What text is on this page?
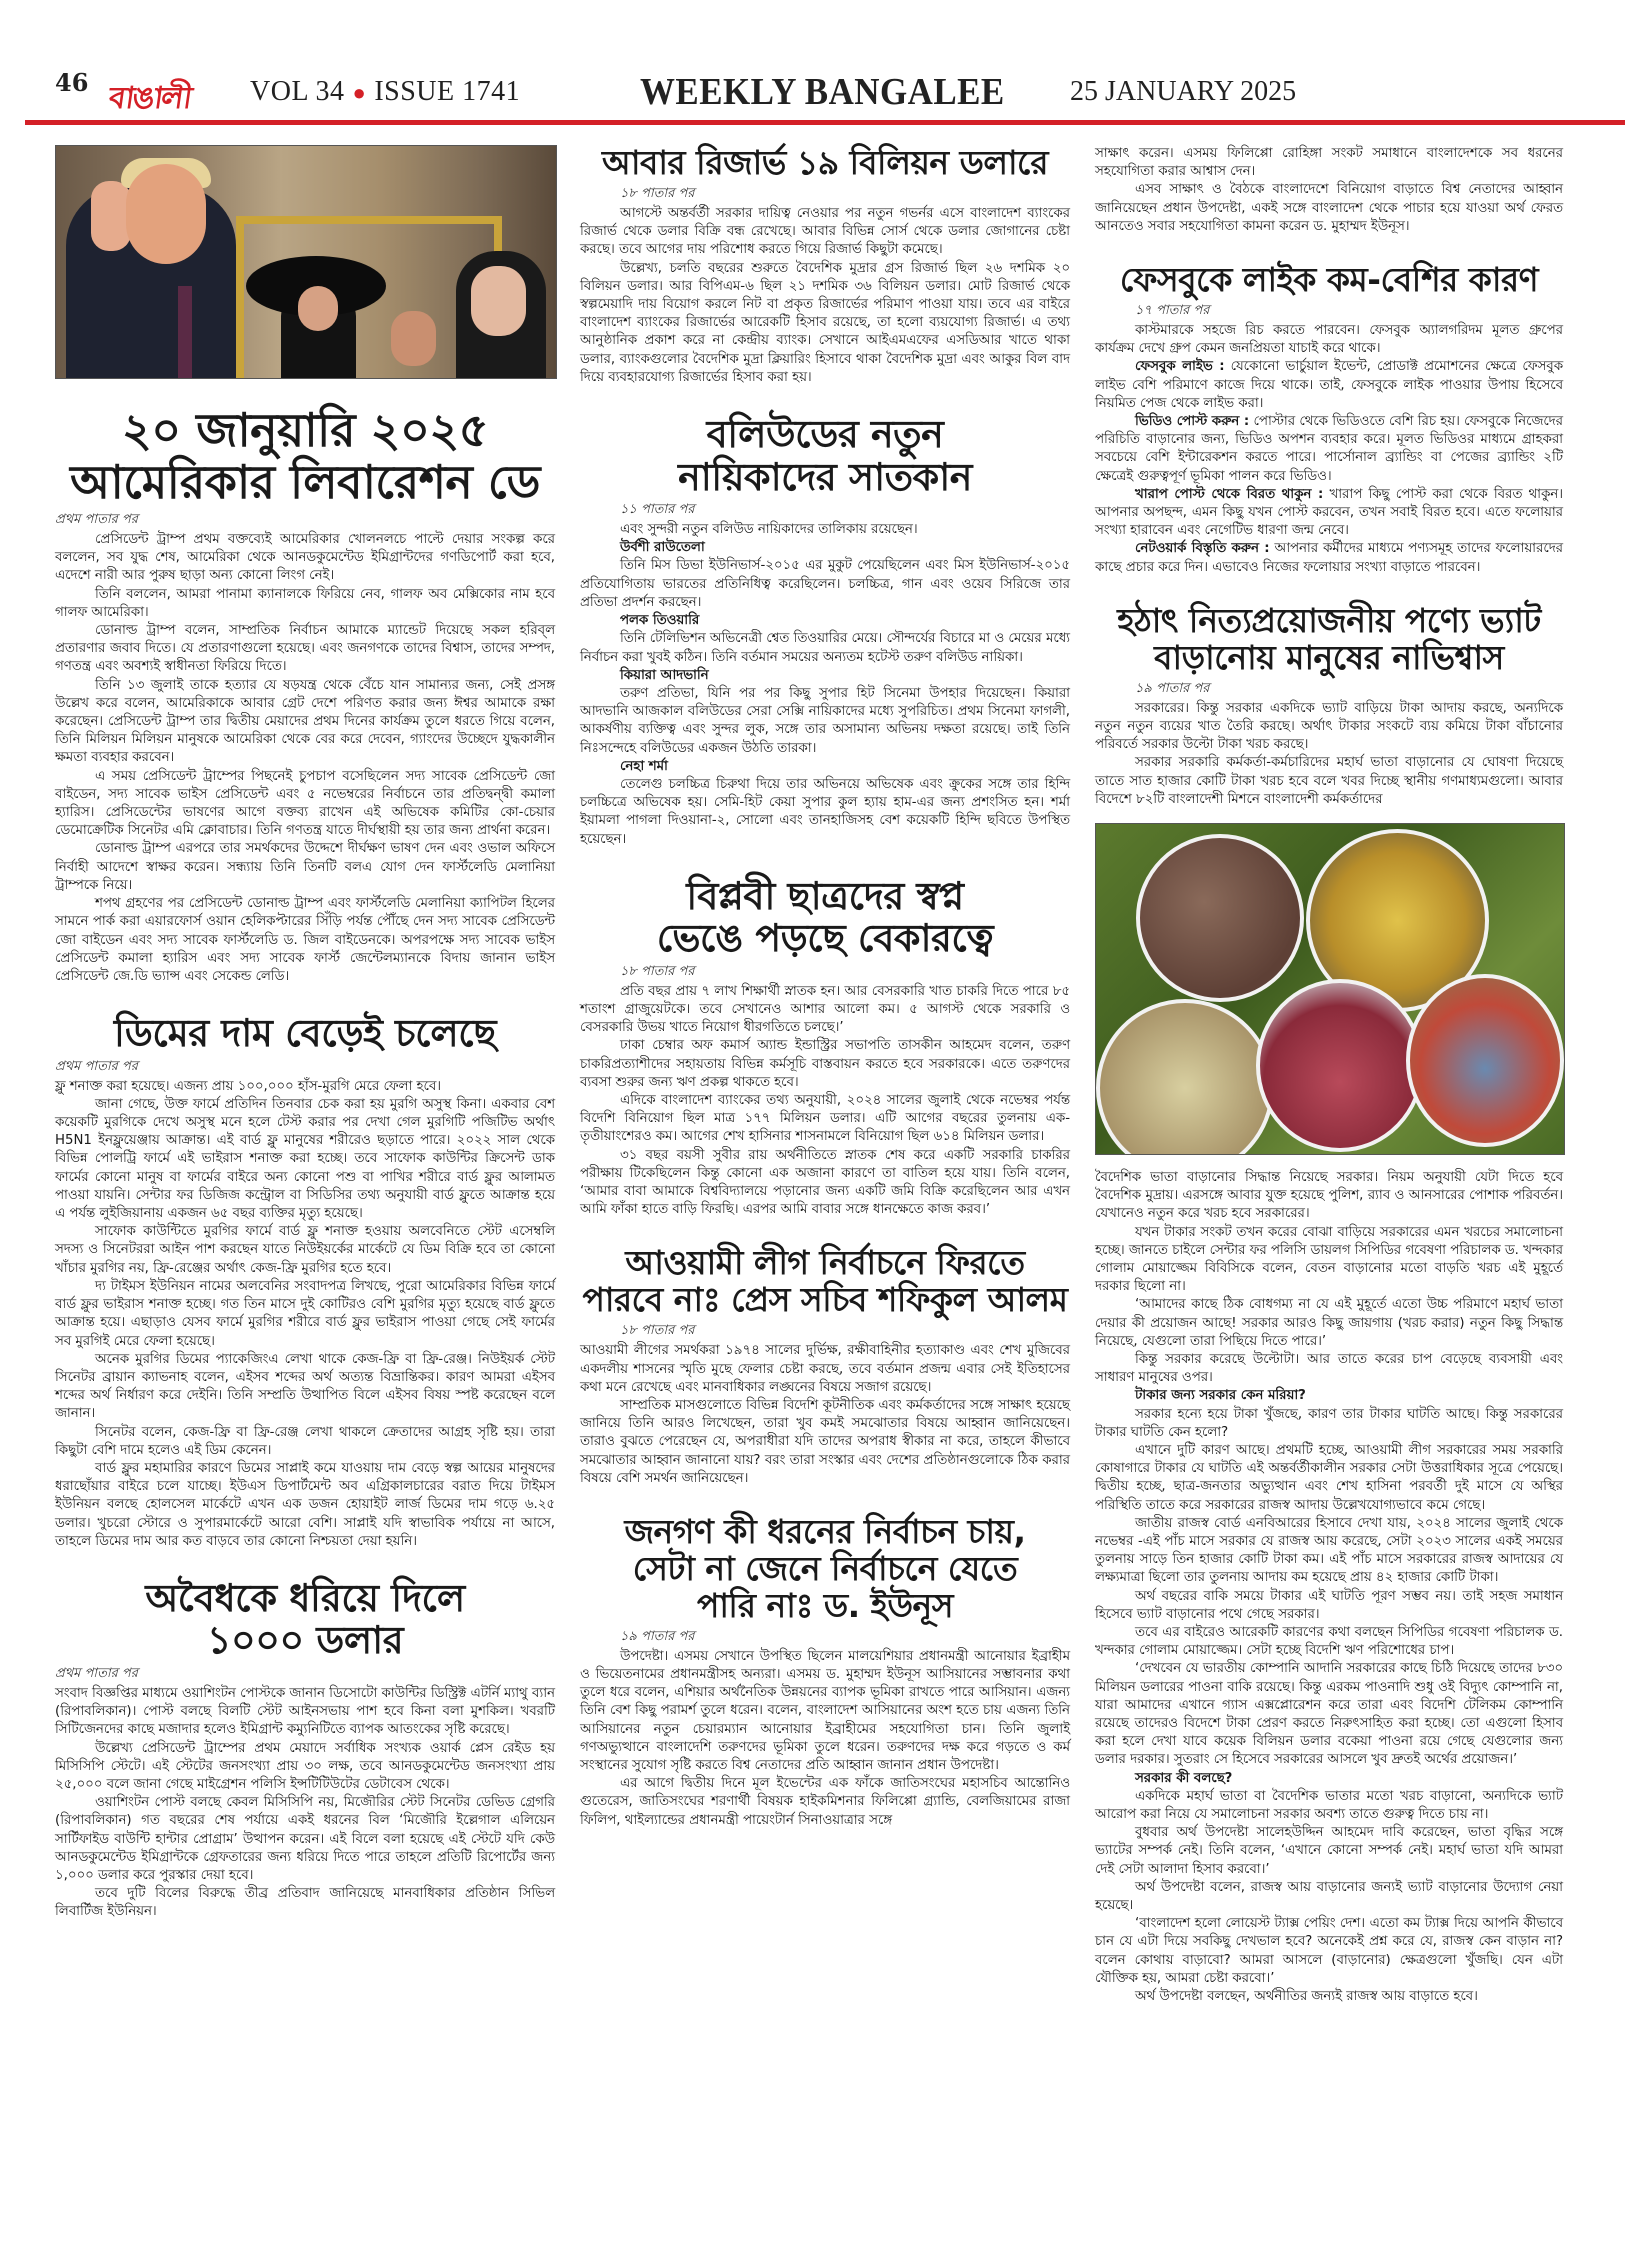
46 বাঙালী VOL 34 ● ISSUE 1741	WEEKLY BANGALEE 25 JANUARY 2025
২০ জানুয়ারি ২০২৫
আমেরিকার লিবারেশন ডে
প্রথম পাতার পর

প্রেসিডেন্ট ট্রাম্প প্রথম বক্তব্যেই আমেরিকার খোলনলচে পাল্টে দেয়ার সংকল্প করে বললেন, সব যুদ্ধ শেষ, আমেরিকা থেকে আনডকুমেন্টেড ইমিগ্রান্টদের গণডিপোর্ট করা হবে, এদেশে নারী আর পুরুষ ছাড়া অন্য কোনো লিংগ নেই।

তিনি বললেন, আমরা পানামা ক্যানালকে ফিরিয়ে নেব, গালফ অব মেক্সিকোর নাম হবে গালফ আমেরিকা।

ডোনাল্ড ট্রাম্প বলেন, সাম্প্রতিক নির্বাচন আমাকে ম্যান্ডেট দিয়েছে সকল হরিব্‌ল প্রতারণার জবাব দিতে। যে প্রতারণাগুলো হয়েছে। এবং জনগণকে তাদের বিশ্বাস, তাদের সম্পদ, গণতন্ত্র এবং অবশ্যই স্বাধীনতা ফিরিয়ে দিতে।

তিনি ১৩ জুলাই তাকে হত্যার যে ষড়যন্ত্র থেকে বেঁচে যান সামান্যর জন্য, সেই প্রসঙ্গ উল্লেখ করে বলেন, আমেরিকাকে আবার গ্রেট দেশে পরিণত করার জন্য ঈশ্বর আমাকে রক্ষা করেছেন। প্রেসিডেন্ট ট্রাম্প তার দ্বিতীয় মেয়াদের প্রথম দিনের কার্যক্রম তুলে ধরতে গিয়ে বলেন, তিনি মিলিয়ন মিলিয়ন মানুষকে আমেরিকা থেকে বের করে দেবেন, গ্যাংদের উচ্ছেদে যুদ্ধকালীন ক্ষমতা ব্যবহার করবেন।

এ সময় প্রেসিডেন্ট ট্রাম্পের পিছনেই চুপচাপ বসেছিলেন সদ্য সাবেক প্রেসিডেন্ট জো বাইডেন, সদ্য সাবেক ভাইস প্রেসিডেন্ট এবং ৫ নভেম্বরের নির্বাচনে তার প্রতিদ্বন্দ্বী কমালা হ্যারিস। প্রেসিডেন্টের ভাষণের আগে বক্তব্য রাখেন এই অভিষেক কমিটির কো-চেয়ার ডেমোক্রেটিক সিনেটর এমি ক্লোবাচার। তিনি গণতন্ত্র যাতে দীর্ঘস্থায়ী হয় তার জন্য প্রার্থনা করেন।

ডোনাল্ড ট্রাম্প এরপরে তার সমর্থকদের উদ্দেশে দীর্ঘক্ষণ ভাষণ দেন এবং ওভাল অফিসে নির্বাহী আদেশে স্বাক্ষর করেন। সন্ধ্যায় তিনি তিনটি বলএ যোগ দেন ফার্স্টলেডি মেলানিয়া ট্রাম্পকে নিয়ে।

শপথ গ্রহণের পর প্রেসিডেন্ট ডোনাল্ড ট্রাম্প এবং ফার্স্টলেডি মেলানিয়া ক্যাপিটল হিলের সামনে পার্ক করা এয়ারফোর্স ওয়ান হেলিকপ্টারের সিঁড়ি পর্যন্ত পৌঁছে দেন সদ্য সাবেক প্রেসিডেন্ট জো বাইডেন এবং সদ্য সাবেক ফার্স্টলেডি ড. জিল বাইডেনকে। অপরপক্ষে সদ্য সাবেক ভাইস প্রেসিডেন্ট কমালা হ্যারিস এবং সদ্য সাবেক ফার্স্ট জেন্টেলম্যানকে বিদায় জানান ভাইস প্রেসিডেন্ট জে.ডি ভ্যান্স এবং সেকেন্ড লেডি।

ডিমের দাম বেড়েই চলেছে
প্রথম পাতার পর

ফ্লু শনাক্ত করা হয়েছে। এজন্য প্রায় ১০০,০০০ হাঁস-মুরগি মেরে ফেলা হবে।

জানা গেছে, উক্ত ফার্মে প্রতিদিন তিনবার চেক করা হয় মুরগি অসুস্থ কিনা। একবার বেশ কয়েকটি মুরগিকে দেখে অসুস্থ মনে হলে টেস্ট করার পর দেখা গেল মুরগিটি পজিটিভ অর্থাৎ H5N1 ইনফ্লুয়েঞ্জায় আক্রান্ত। এই বার্ড ফ্লু মানুষের শরীরেও ছড়াতে পারে। ২০২২ সাল থেকে বিভিন্ন পোলট্রি ফার্মে এই ভাইরাস শনাক্ত করা হচ্ছে। তবে সাফোক কাউন্টির ক্রিসেন্ট ডাক ফার্মের কোনো মানুষ বা ফার্মের বাইরে অন্য কোনো পশু বা পাখির শরীরে বার্ড ফ্লুর আলামত পাওয়া যায়নি। সেন্টার ফর ডিজিজ কন্ট্রোল বা সিডিসির তথ্য অনুযায়ী বার্ড ফ্লুতে আক্রান্ত হয়ে এ পর্যন্ত লুইজিয়ানায় একজন ৬৫ বছর ব্যক্তির মৃত্যু হয়েছে।

সাফোক কাউন্টিতে মুরগির ফার্মে বার্ড ফ্লু শনাক্ত হওয়ায় অলবেনিতে স্টেট এসেম্বলি সদস্য ও সিনেটররা আইন পাশ করছেন যাতে নিউইয়র্কের মার্কেটে যে ডিম বিক্রি হবে তা কোনো খাঁচার মুরগির নয়, ফ্রি-রেঞ্জের অর্থাৎ কেজ-ফ্রি মুরগির হতে হবে।

দ্য টাইমস ইউনিয়ন নামের অলবেনির সংবাদপত্র লিখছে, পুরো আমেরিকার বিভিন্ন ফার্মে বার্ড ফ্লুর ভাইরাস শনাক্ত হচ্ছে। গত তিন মাসে দুই কোটিরও বেশি মুরগির মৃত্যু হয়েছে বার্ড ফ্লুতে আক্রান্ত হয়ে। এছাড়াও যেসব ফার্মে মুরগির শরীরে বার্ড ফ্লুর ভাইরাস পাওয়া গেছে সেই ফার্মের সব মুরগিই মেরে ফেলা হয়েছে।

অনেক মুরগির ডিমের প্যাকেজিংএ লেখা থাকে কেজ-ফ্রি বা ফ্রি-রেঞ্জ। নিউইয়র্ক স্টেট সিনেটর ব্রায়ান ক্যাভনাহ বলেন, এইসব শব্দের অর্থ অত্যন্ত বিভ্রান্তিকর। কারণ আমরা এইসব শব্দের অর্থ নির্ধারণ করে দেইনি। তিনি সম্প্রতি উত্থাপিত বিলে এইসব বিষয় স্পষ্ট করেছেন বলে জানান।

সিনেটর বলেন, কেজ-ফ্রি বা ফ্রি-রেঞ্জ লেখা থাকলে ক্রেতাদের আগ্রহ সৃষ্টি হয়। তারা কিছুটা বেশি দামে হলেও এই ডিম কেনেন।

বার্ড ফ্লুর মহামারির কারণে ডিমের সাপ্লাই কমে যাওয়ায় দাম বেড়ে স্বল্প আয়ের মানুষদের ধরাছোঁয়ার বাইরে চলে যাচ্ছে। ইউএস ডিপার্টমেন্ট অব এগ্রিকালচারের বরাত দিয়ে টাইমস ইউনিয়ন বলছে হোলসেল মার্কেটে এখন এক ডজন হোয়াইট লার্জ ডিমের দাম গড়ে ৬.২৫ ডলার। খুচরো স্টোরে ও সুপারমার্কেটে আরো বেশি। সাপ্লাই যদি স্বাভাবিক পর্যায়ে না আসে, তাহলে ডিমের দাম আর কত বাড়বে তার কোনো নিশ্চয়তা দেয়া হয়নি।

অবৈধকে ধরিয়ে দিলে
১০০০ ডলার
প্রথম পাতার পর

সংবাদ বিজ্ঞপ্তির মাধ্যমে ওয়াশিংটন পোস্টকে জানান ডিসোটো কাউন্টির ডিস্ট্রিক্ট এটর্নি ম্যাথু ব্যান (রিপাবলিকান)। পোস্ট বলছে বিলটি স্টেট আইনসভায় পাশ হবে কিনা বলা মুশকিল। খবরটি সিটিজেনদের কাছে মজাদার হলেও ইমিগ্রান্ট কম্যুনিটিতে ব্যাপক আতংকের সৃষ্টি করেছে।

উল্লেখ্য প্রেসিডেন্ট ট্রাম্পের প্রথম মেয়াদে সর্বাধিক সংখ্যক ওয়ার্ক প্লেস রেইড হয় মিসিসিপি স্টেটে। এই স্টেটের জনসংখ্যা প্রায় ৩০ লক্ষ, তবে আনডকুমেন্টেড জনসংখ্যা প্রায় ২৫,০০০ বলে জানা গেছে মাইগ্রেশন পলিসি ইন্সটিটিউটের ডেটাবেস থেকে।

ওয়াশিংটন পোস্ট বলছে কেবল মিসিসিপি নয়, মিজৌরির স্টেট সিনেটর ডেভিড গ্রেগরি (রিপাবলিকান) গত বছরের শেষ পর্যায়ে একই ধরনের বিল ‘মিজৌরি ইল্লেগাল এলিয়েন সার্টিফাইড বাউন্টি হান্টার প্রোগ্রাম’ উত্থাপন করেন। এই বিলে বলা হয়েছে এই স্টেটে যদি কেউ আনডকুমেন্টেড ইমিগ্রান্টকে গ্রেফতারের জন্য ধরিয়ে দিতে পারে তাহলে প্রতিটি রিপোর্টের জন্য ১,০০০ ডলার করে পুরস্কার দেয়া হবে।

তবে দুটি বিলের বিরুদ্ধে তীব্র প্রতিবাদ জানিয়েছে মানবাধিকার প্রতিষ্ঠান সিভিল লিবার্টিজ ইউনিয়ন।

আবার রিজার্ভ ১৯ বিলিয়ন ডলারে
১৮ পাতার পর

আগস্টে অন্তর্বর্তী সরকার দায়িত্ব নেওয়ার পর নতুন গভর্নর এসে বাংলাদেশ ব্যাংকের রিজার্ভ থেকে ডলার বিক্রি বন্ধ রেখেছে। আবার বিভিন্ন সোর্স থেকে ডলার জোগানের চেষ্টা করছে। তবে আগের দায় পরিশোধ করতে গিয়ে রিজার্ভ কিছুটা কমেছে।

উল্লেখ্য, চলতি বছরের শুরুতে বৈদেশিক মুদ্রার গ্রস রিজার্ভ ছিল ২৬ দশমিক ২০ বিলিয়ন ডলার। আর বিপিএম-৬ ছিল ২১ দশমিক ৩৬ বিলিয়ন ডলার। মোট রিজার্ভ থেকে স্বল্পমেয়াদি দায় বিয়োগ করলে নিট বা প্রকৃত রিজার্ভের পরিমাণ পাওয়া যায়। তবে এর বাইরে বাংলাদেশ ব্যাংকের রিজার্ভের আরেকটি হিসাব রয়েছে, তা হলো ব্যয়যোগ্য রিজার্ভ। এ তথ্য আনুষ্ঠানিক প্রকাশ করে না কেন্দ্রীয় ব্যাংক। সেখানে আইএমএফের এসডিআর খাতে থাকা ডলার, ব্যাংকগুলোর বৈদেশিক মুদ্রা ক্লিয়ারিং হিসাবে থাকা বৈদেশিক মুদ্রা এবং আকুর বিল বাদ দিয়ে ব্যবহারযোগ্য রিজার্ভের হিসাব করা হয়।

বলিউডের নতুন
নায়িকাদের সাতকান
১১ পাতার পর

এবং সুন্দরী নতুন বলিউড নায়িকাদের তালিকায় রয়েছেন।

উর্বশী রাউতেলা

তিনি মিস ডিভা ইউনিভার্স-২০১৫ এর মুকুট পেয়েছিলেন এবং মিস ইউনিভার্স-২০১৫ প্রতিযোগিতায় ভারতের প্রতিনিধিত্ব করেছিলেন। চলচ্চিত্র, গান এবং ওয়েব সিরিজে তার প্রতিভা প্রদর্শন করছেন।

পলক তিওয়ারি

তিনি টেলিভিশন অভিনেত্রী শ্বেত তিওয়ারির মেয়ে। সৌন্দর্যের বিচারে মা ও মেয়ের মধ্যে নির্বাচন করা খুবই কঠিন। তিনি বর্তমান সময়ের অন্যতম হটেস্ট তরুণ বলিউড নায়িকা।

কিয়ারা আদভানি

তরুণ প্রতিভা, যিনি পর পর কিছু সুপার হিট সিনেমা উপহার দিয়েছেন। কিয়ারা আদভানি আজকাল বলিউডের সেরা সেক্সি নায়িকাদের মধ্যে সুপরিচিত। প্রথম সিনেমা ফাগলী, আকর্ষণীয় ব্যক্তিত্ব এবং সুন্দর লুক, সঙ্গে তার অসামান্য অভিনয় দক্ষতা রয়েছে। তাই তিনি নিঃসন্দেহে বলিউডের একজন উঠতি তারকা।

নেহা শর্মা

তেলেগু চলচ্চিত্র চিরুথা দিয়ে তার অভিনয়ে অভিষেক এবং ক্রুকের সঙ্গে তার হিন্দি চলচ্চিত্রে অভিষেক হয়। সেমি-হিট কেয়া সুপার কুল হ্যায় হাম-এর জন্য প্রশংসিত হন। শর্মা ইয়ামলা পাগলা দিওয়ানা-২, সোলো এবং তানহাজিসহ বেশ কয়েকটি হিন্দি ছবিতে উপস্থিত হয়েছেন।

বিপ্লবী ছাত্রদের স্বপ্ন
ভেঙে পড়ছে বেকারত্বে
১৮ পাতার পর

প্রতি বছর প্রায় ৭ লাখ শিক্ষার্থী স্নাতক হন। আর বেসরকারি খাত চাকরি দিতে পারে ৮৫ শতাংশ গ্রাজুয়েটকে। তবে সেখানেও আশার আলো কম। ৫ আগস্ট থেকে সরকারি ও বেসরকারি উভয় খাতে নিয়োগ ধীরগতিতে চলছে।’

ঢাকা চেম্বার অফ কমার্স অ্যান্ড ইন্ডাস্ট্রির সভাপতি তাসকীন আহমেদ বলেন, তরুণ চাকরিপ্রত্যাশীদের সহায়তায় বিভিন্ন কর্মসূচি বাস্তবায়ন করতে হবে সরকারকে। এতে তরুণদের ব্যবসা শুরুর জন্য ঋণ প্রকল্প থাকতে হবে।

এদিকে বাংলাদেশ ব্যাংকের তথ্য অনুযায়ী, ২০২৪ সালের জুলাই থেকে নভেম্বর পর্যন্ত বিদেশি বিনিয়োগ ছিল মাত্র ১৭৭ মিলিয়ন ডলার। এটি আগের বছরের তুলনায় এক-তৃতীয়াংশেরও কম। আগের শেখ হাসিনার শাসনামলে বিনিয়োগ ছিল ৬১৪ মিলিয়ন ডলার।

৩১ বছর বয়সী সুবীর রায় অর্থনীতিতে স্নাতক শেষ করে একটি সরকারি চাকরির পরীক্ষায় টিকেছিলেন কিন্তু কোনো এক অজানা কারণে তা বাতিল হয়ে যায়। তিনি বলেন, ‘আমার বাবা আমাকে বিশ্ববিদ্যালয়ে পড়ানোর জন্য একটি জমি বিক্রি করেছিলেন আর এখন আমি ফাঁকা হাতে বাড়ি ফিরছি। এরপর আমি বাবার সঙ্গে ধানক্ষেতে কাজ করব।’

আওয়ামী লীগ নির্বাচনে ফিরতে
পারবে নাঃ প্রেস সচিব শফিকুল আলম
১৮ পাতার পর

আওয়ামী লীগের সমর্থকরা ১৯৭৪ সালের দুর্ভিক্ষ, রক্ষীবাহিনীর হত্যাকাণ্ড এবং শেখ মুজিবের একদলীয় শাসনের স্মৃতি মুছে ফেলার চেষ্টা করছে, তবে বর্তমান প্রজন্ম এবার সেই ইতিহাসের কথা মনে রেখেছে এবং মানবাধিকার লঙ্ঘনের বিষয়ে সজাগ রয়েছে।

সাম্প্রতিক মাসগুলোতে বিভিন্ন বিদেশি কূটনীতিক এবং কর্মকর্তাদের সঙ্গে সাক্ষাৎ হয়েছে জানিয়ে তিনি আরও লিখেছেন, তারা খুব কমই সমঝোতার বিষয়ে আহ্বান জানিয়েছেন। তারাও বুঝতে পেরেছেন যে, অপরাধীরা যদি তাদের অপরাধ স্বীকার না করে, তাহলে কীভাবে সমঝোতার আহ্বান জানানো যায়? বরং তারা সংস্কার এবং দেশের প্রতিষ্ঠানগুলোকে ঠিক করার বিষয়ে বেশি সমর্থন জানিয়েছেন।

জনগণ কী ধরনের নির্বাচন চায়,
সেটা না জেনে নির্বাচনে যেতে
পারি নাঃ ড. ইউনূস
১৯ পাতার পর

উপদেষ্টা। এসময় সেখানে উপস্থিত ছিলেন মালয়েশিয়ার প্রধানমন্ত্রী আনোয়ার ইব্রাহীম ও ভিয়েতনামের প্রধানমন্ত্রীসহ অন্যরা। এসময় ড. মুহাম্মদ ইউনূস আসিয়ানের সম্ভাবনার কথা তুলে ধরে বলেন, এশিয়ার অর্থনৈতিক উন্নয়নের ব্যাপক ভূমিকা রাখতে পারে আসিয়ান। এজন্য তিনি বেশ কিছু পরামর্শ তুলে ধরেন। বলেন, বাংলাদেশ আসিয়ানের অংশ হতে চায় এজন্য তিনি আসিয়ানের নতুন চেয়ারম্যান আনোয়ার ইব্রাহীমের সহযোগিতা চান। তিনি জুলাই গণঅভ্যুত্থানে বাংলাদেশি তরুণদের ভূমিকা তুলে ধরেন। তরুণদের দক্ষ করে গড়তে ও কর্ম সংস্থানের সুযোগ সৃষ্টি করতে বিশ্ব নেতাদের প্রতি আহ্বান জানান প্রধান উপদেষ্টা।

এর আগে দ্বিতীয় দিনে মূল ইভেন্টের এক ফাঁকে জাতিসংঘের মহাসচিব আন্তোনিও গুতেরেস, জাতিসংঘের শরণার্থী বিষয়ক হাইকমিশনার ফিলিপ্পো গ্র্যান্ডি, বেলজিয়ামের রাজা ফিলিপ, থাইল্যান্ডের প্রধানমন্ত্রী পায়েংটার্ন সিনাওয়াত্রার সঙ্গে

সাক্ষাৎ করেন। এসময় ফিলিপ্পো রোহিঙ্গা সংকট সমাধানে বাংলাদেশকে সব ধরনের সহযোগিতা করার আশ্বাস দেন।

এসব সাক্ষাৎ ও বৈঠকে বাংলাদেশে বিনিয়োগ বাড়াতে বিশ্ব নেতাদের আহ্বান জানিয়েছেন প্রধান উপদেষ্টা, একই সঙ্গে বাংলাদেশ থেকে পাচার হয়ে যাওয়া অর্থ ফেরত আনতেও সবার সহযোগিতা কামনা করেন ড. মুহাম্মদ ইউনূস।

ফেসবুকে লাইক কম-বেশির কারণ
১৭ পাতার পর

কাস্টমারকে সহজে রিচ করতে পারবেন। ফেসবুক অ্যালগরিদম মূলত গ্রুপের কার্যক্রম দেখে গ্রুপ কেমন জনপ্রিয়তা যাচাই করে থাকে।

ফেসবুক লাইভ : যেকোনো ভার্চুয়াল ইভেন্ট, প্রোডাক্ট প্রমোশনের ক্ষেত্রে ফেসবুক লাইভ বেশি পরিমাণে কাজে দিয়ে থাকে। তাই, ফেসবুকে লাইক পাওয়ার উপায় হিসেবে নিয়মিত পেজ থেকে লাইভ করা।

ভিডিও পোস্ট করুন : পোস্টার থেকে ভিডিওতে বেশি রিচ হয়। ফেসবুকে নিজেদের পরিচিতি বাড়ানোর জন্য, ভিডিও অপশন ব্যবহার করে। মূলত ভিডিওর মাধ্যমে গ্রাহকরা সবচেয়ে বেশি ইন্টারেকশন করতে পারে। পার্সোনাল ব্র্যান্ডিং বা পেজের ব্র্যান্ডিং ২টি ক্ষেত্রেই গুরুত্বপূর্ণ ভূমিকা পালন করে ভিডিও।

খারাপ পোস্ট থেকে বিরত থাকুন : খারাপ কিছু পোস্ট করা থেকে বিরত থাকুন। আপনার অপছন্দ, এমন কিছু যখন পোস্ট করবেন, তখন সবাই বিরত হবে। এতে ফলোয়ার সংখ্যা হারাবেন এবং নেগেটিভ ধারণা জন্ম নেবে।

নেটওয়ার্ক বিস্তৃতি করুন : আপনার কর্মীদের মাধ্যমে পণ্যসমূহ তাদের ফলোয়ারদের কাছে প্রচার করে দিন। এভাবেও নিজের ফলোয়ার সংখ্যা বাড়াতে পারবেন।

হঠাৎ নিত্যপ্রয়োজনীয় পণ্যে ভ্যাট
বাড়ানোয় মানুষের নাভিশ্বাস
১৯ পাতার পর

সরকারের। কিন্তু সরকার একদিকে ভ্যাট বাড়িয়ে টাকা আদায় করছে, অন্যদিকে নতুন নতুন ব্যয়ের খাত তৈরি করছে। অর্থাৎ টাকার সংকটে ব্যয় কমিয়ে টাকা বাঁচানোর পরিবর্তে সরকার উল্টো টাকা খরচ করছে।

সরকার সরকারি কর্মকর্তা-কর্মচারিদের মহার্ঘ ভাতা বাড়ানোর যে ঘোষণা দিয়েছে তাতে সাত হাজার কোটি টাকা খরচ হবে বলে খবর দিচ্ছে স্থানীয় গণমাধ্যমগুলো। আবার বিদেশে ৮২টি বাংলাদেশী মিশনে বাংলাদেশী কর্মকর্তাদের

বৈদেশিক ভাতা বাড়ানোর সিদ্ধান্ত নিয়েছে সরকার। নিয়ম অনুযায়ী যেটা দিতে হবে বৈদেশিক মুদ্রায়। এরসঙ্গে আবার যুক্ত হয়েছে পুলিশ, র‍্যাব ও আনসারের পোশাক পরিবর্তন। যেখানেও নতুন করে খরচ হবে সরকারের।

যখন টাকার সংকট তখন করের বোঝা বাড়িয়ে সরকারের এমন খরচের সমালোচনা হচ্ছে। জানতে চাইলে সেন্টার ফর পলিসি ডায়লগ সিপিডির গবেষণা পরিচালক ড. খন্দকার গোলাম মোয়াজ্জেম বিবিসিকে বলেন, বেতন বাড়ানোর মতো বাড়তি খরচ এই মুহূর্তে দরকার ছিলো না।

‘আমাদের কাছে ঠিক বোধগম্য না যে এই মুহূর্তে এতো উচ্চ পরিমাণে মহার্ঘ ভাতা দেয়ার কী প্রয়োজন আছে! সরকার আরও কিছু জায়গায় (খরচ করার) নতুন কিছু সিদ্ধান্ত নিয়েছে, যেগুলো তারা পিছিয়ে দিতে পারে।’

কিন্তু সরকার করেছে উল্টোটা। আর তাতে করের চাপ বেড়েছে ব্যবসায়ী এবং সাধারণ মানুষের ওপর।

টাকার জন্য সরকার কেন মরিয়া?

সরকার হন্যে হয়ে টাকা খুঁজছে, কারণ তার টাকার ঘাটতি আছে। কিন্তু সরকারের টাকার ঘাটতি কেন হলো?

এখানে দুটি কারণ আছে। প্রথমটি হচ্ছে, আওয়ামী লীগ সরকারের সময় সরকারি কোষাগারে টাকার যে ঘাটতি এই অন্তর্বর্তীকালীন সরকার সেটা উত্তরাধিকার সূত্রে পেয়েছে। দ্বিতীয় হচ্ছে, ছাত্র-জনতার অভ্যুত্থান এবং শেখ হাসিনা পরবর্তী দুই মাসে যে অস্থির পরিস্থিতি তাতে করে সরকারের রাজস্ব আদায় উল্লেখযোগ্যভাবে কমে গেছে।

জাতীয় রাজস্ব বোর্ড এনবিআরের হিসাবে দেখা যায়, ২০২৪ সালের জুলাই থেকে নভেম্বর -এই পাঁচ মাসে সরকার যে রাজস্ব আয় করেছে, সেটা ২০২৩ সালের একই সময়ের তুলনায় সাড়ে তিন হাজার কোটি টাকা কম। এই পাঁচ মাসে সরকারের রাজস্ব আদায়ের যে লক্ষ্যমাত্রা ছিলো তার তুলনায় আদায় কম হয়েছে প্রায় ৪২ হাজার কোটি টাকা।

অর্থ বছরের বাকি সময়ে টাকার এই ঘাটতি পূরণ সম্ভব নয়। তাই সহজ সমাধান হিসেবে ভ্যাট বাড়ানোর পথে গেছে সরকার।

তবে এর বাইরেও আরেকটি কারণের কথা বলছেন সিপিডির গবেষণা পরিচালক ড. খন্দকার গোলাম মোয়াজ্জেম। সেটা হচ্ছে বিদেশি ঋণ পরিশোধের চাপ।

‘দেখবেন যে ভারতীয় কোম্পানি আদানি সরকারের কাছে চিঠি দিয়েছে তাদের ৮৩০ মিলিয়ন ডলারের পাওনা বাকি রয়েছে। কিন্তু এরকম পাওনাদি শুধু ওই বিদ্যুৎ কোম্পানি না, যারা আমাদের এখানে গ্যাস এক্সপ্লোরেশন করে তারা এবং বিদেশি টেলিকম কোম্পানি রয়েছে তাদেরও বিদেশে টাকা প্রেরণ করতে নিরুৎসাহিত করা হচ্ছে। তো এগুলো হিসাব করা হলে দেখা যাবে কয়েক বিলিয়ন ডলার বকেয়া পাওনা রয়ে গেছে যেগুলোর জন্য ডলার দরকার। সুতরাং সে হিসেবে সরকারের আসলে খুব দ্রুতই অর্থের প্রয়োজন।’

সরকার কী বলছে?

একদিকে মহার্ঘ ভাতা বা বৈদেশিক ভাতার মতো খরচ বাড়ানো, অন্যদিকে ভ্যাট আরোপ করা নিয়ে যে সমালোচনা সরকার অবশ্য তাতে গুরুত্ব দিতে চায় না।

বুধবার অর্থ উপদেষ্টা সালেহউদ্দিন আহমেদ দাবি করেছেন, ভাতা বৃদ্ধির সঙ্গে ভ্যাটের সম্পর্ক নেই। তিনি বলেন, ‘এখানে কোনো সম্পর্ক নেই। মহার্ঘ ভাতা যদি আমরা দেই সেটা আলাদা হিসাব করবো।’

অর্থ উপদেষ্টা বলেন, রাজস্ব আয় বাড়ানোর জন্যই ভ্যাট বাড়ানোর উদ্যোগ নেয়া হয়েছে।

‘বাংলাদেশ হলো লোয়েস্ট ট্যাক্স পেয়িং দেশ। এতো কম ট্যাক্স দিয়ে আপনি কীভাবে চান যে এটা দিয়ে সবকিছু দেখভাল হবে? অনেকেই প্রশ্ন করে যে, রাজস্ব কেন বাড়ান না? বলেন কোথায় বাড়াবো? আমরা আসলে (বাড়ানোর) ক্ষেত্রগুলো খুঁজছি। যেন এটা যৌক্তিক হয়, আমরা চেষ্টা করবো।’

অর্থ উপদেষ্টা বলছেন, অর্থনীতির জন্যই রাজস্ব আয় বাড়াতে হবে।
